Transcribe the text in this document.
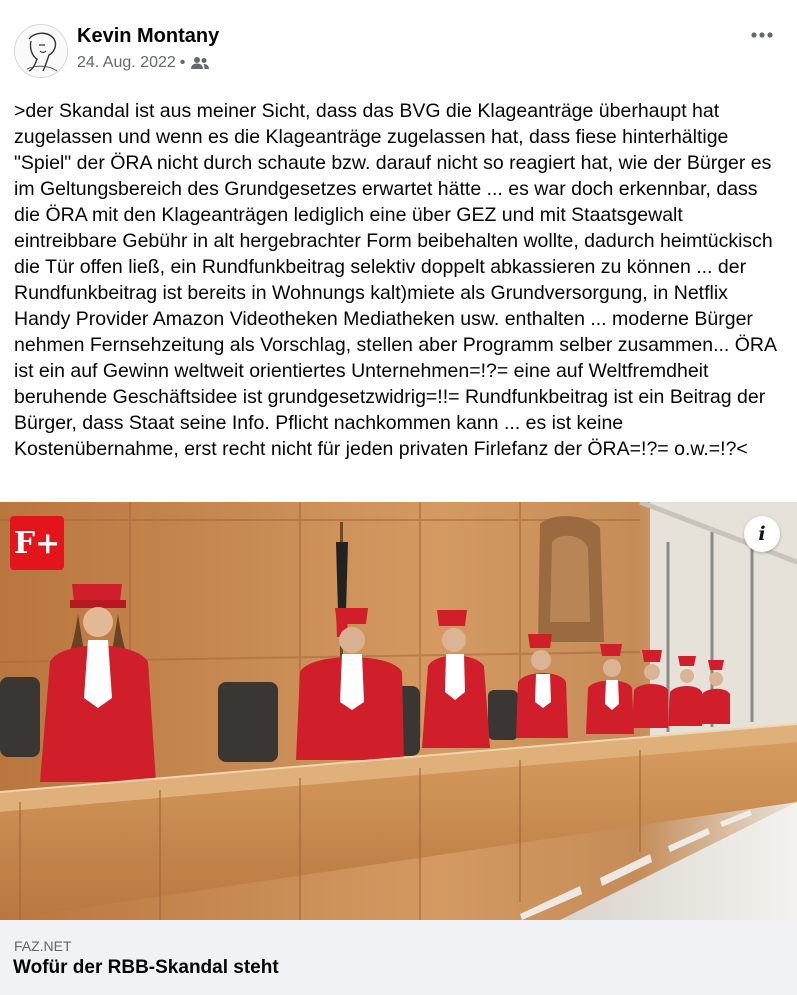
Kevin Montany
24. Aug. 2022 •

>der Skandal ist aus meiner Sicht, dass das BVG die Klageanträge überhaupt hat zugelassen und wenn es die Klageanträge zugelassen hat, dass fiese hinterhältige "Spiel" der ÖRA nicht durch schaute bzw. darauf nicht so reagiert hat, wie der Bürger es im Geltungsbereich des Grundgesetzes erwartet hätte ... es war doch erkennbar, dass die ÖRA mit den Klageanträgen lediglich eine über GEZ und mit Staatsgewalt eintreibbare Gebühr in alt hergebrachter Form beibehalten wollte, dadurch heimtückisch die Tür offen ließ, ein Rundfunkbeitrag selektiv doppelt abkassieren zu können ... der Rundfunkbeitrag ist bereits in Wohnungs kalt)miete als Grundversorgung, in Netflix Handy Provider Amazon Videotheken Mediatheken usw. enthalten ... moderne Bürger nehmen Fernsehzeitung als Vorschlag, stellen aber Programm selber zusammen... ÖRA ist ein auf Gewinn weltweit orientiertes Unternehmen=!?= eine auf Weltfremdheit beruhende Geschäftsidee ist grundgesetzwidrig=!!= Rundfunkbeitrag ist ein Beitrag der Bürger, dass Staat seine Info. Pflicht nachkommen kann ... es ist keine Kostenübernahme, erst recht nicht für jeden privaten Firlefanz der ÖRA=!?= o.w.=!?<

F+	i
FAZ.NET
Wofür der RBB-Skandal steht
